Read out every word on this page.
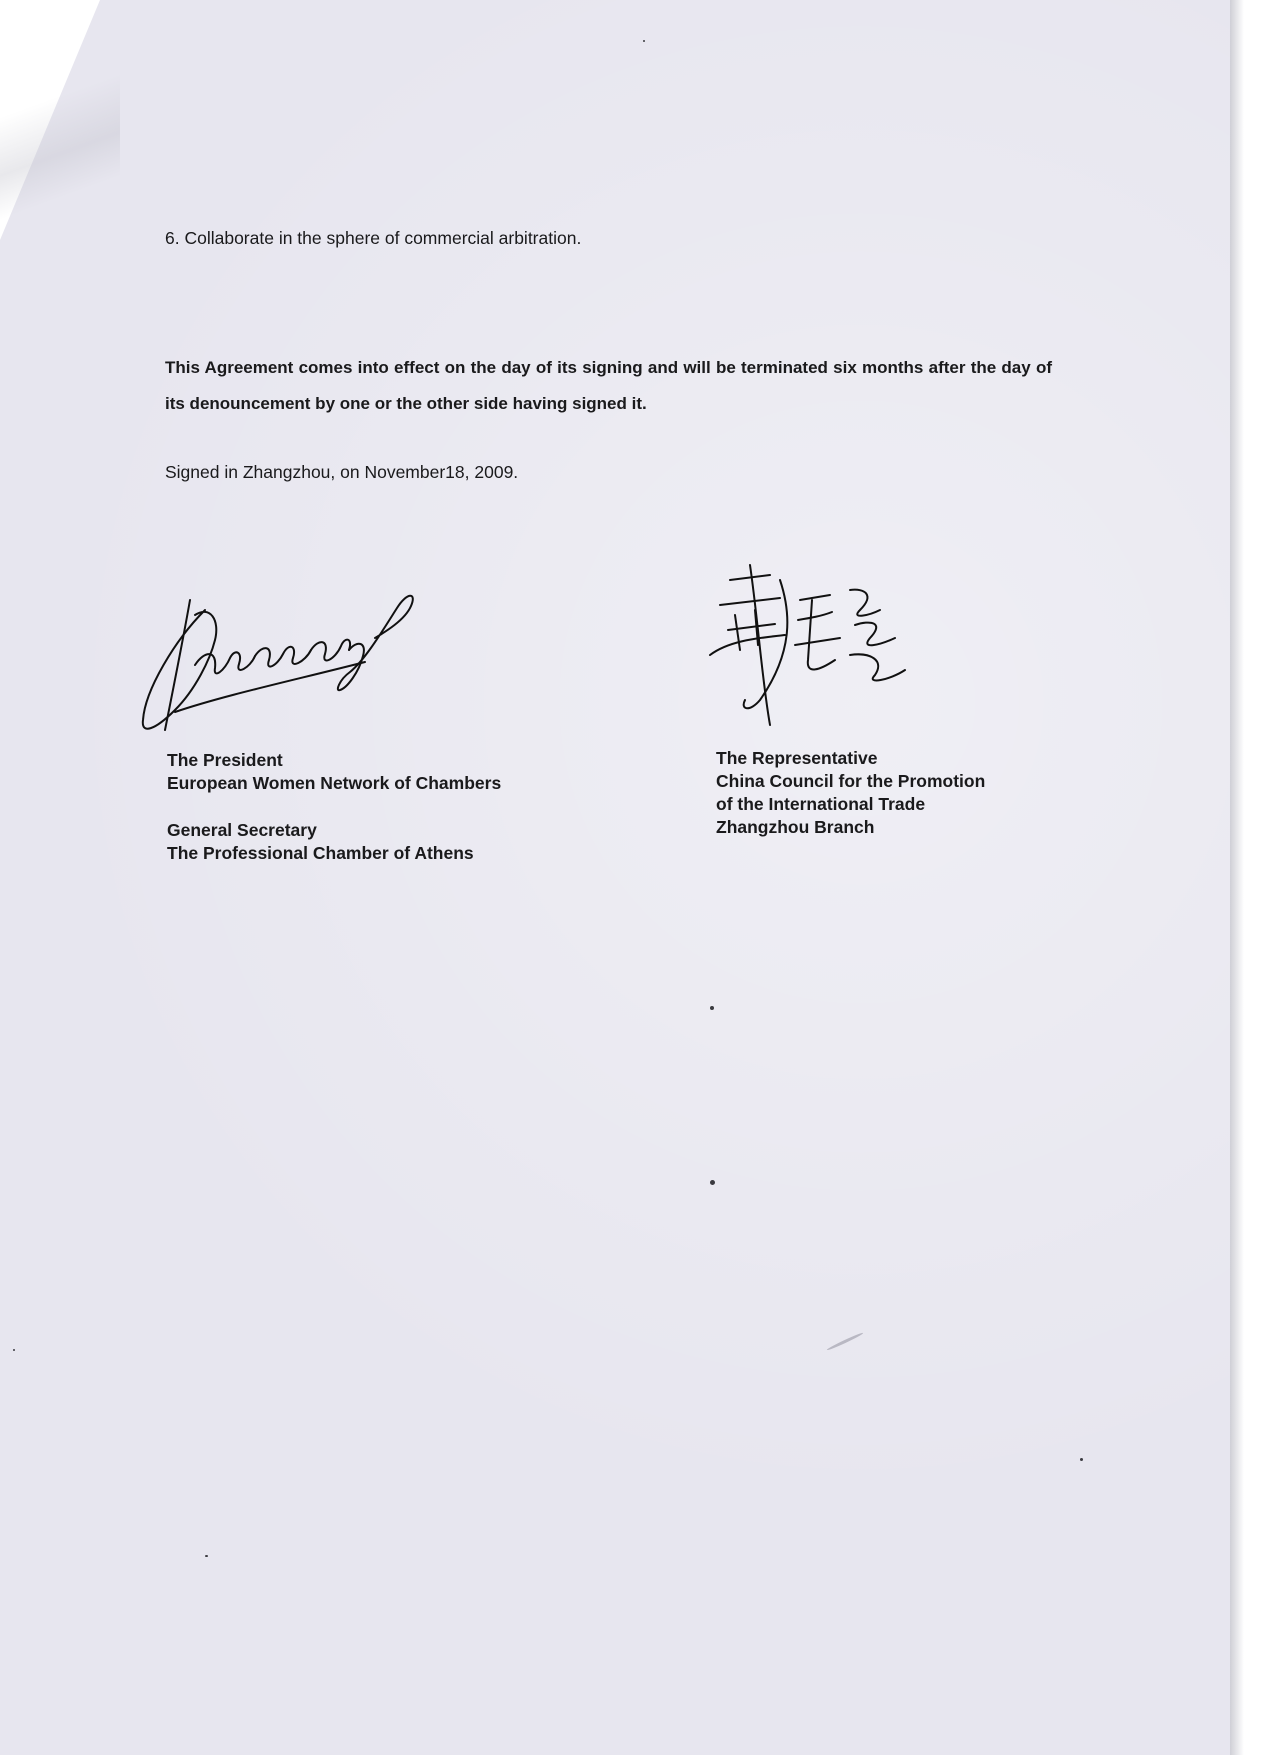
6. Collaborate in the sphere of commercial arbitration.
This Agreement comes into effect on the day of its signing and will be terminated six months after the day of its denouncement by one or the other side having signed it.
Signed in Zhangzhou, on November18, 2009.
The President
European Women Network of Chambers
General Secretary
The Professional Chamber of Athens
The Representative
China Council for the Promotion
of the International Trade
Zhangzhou Branch
